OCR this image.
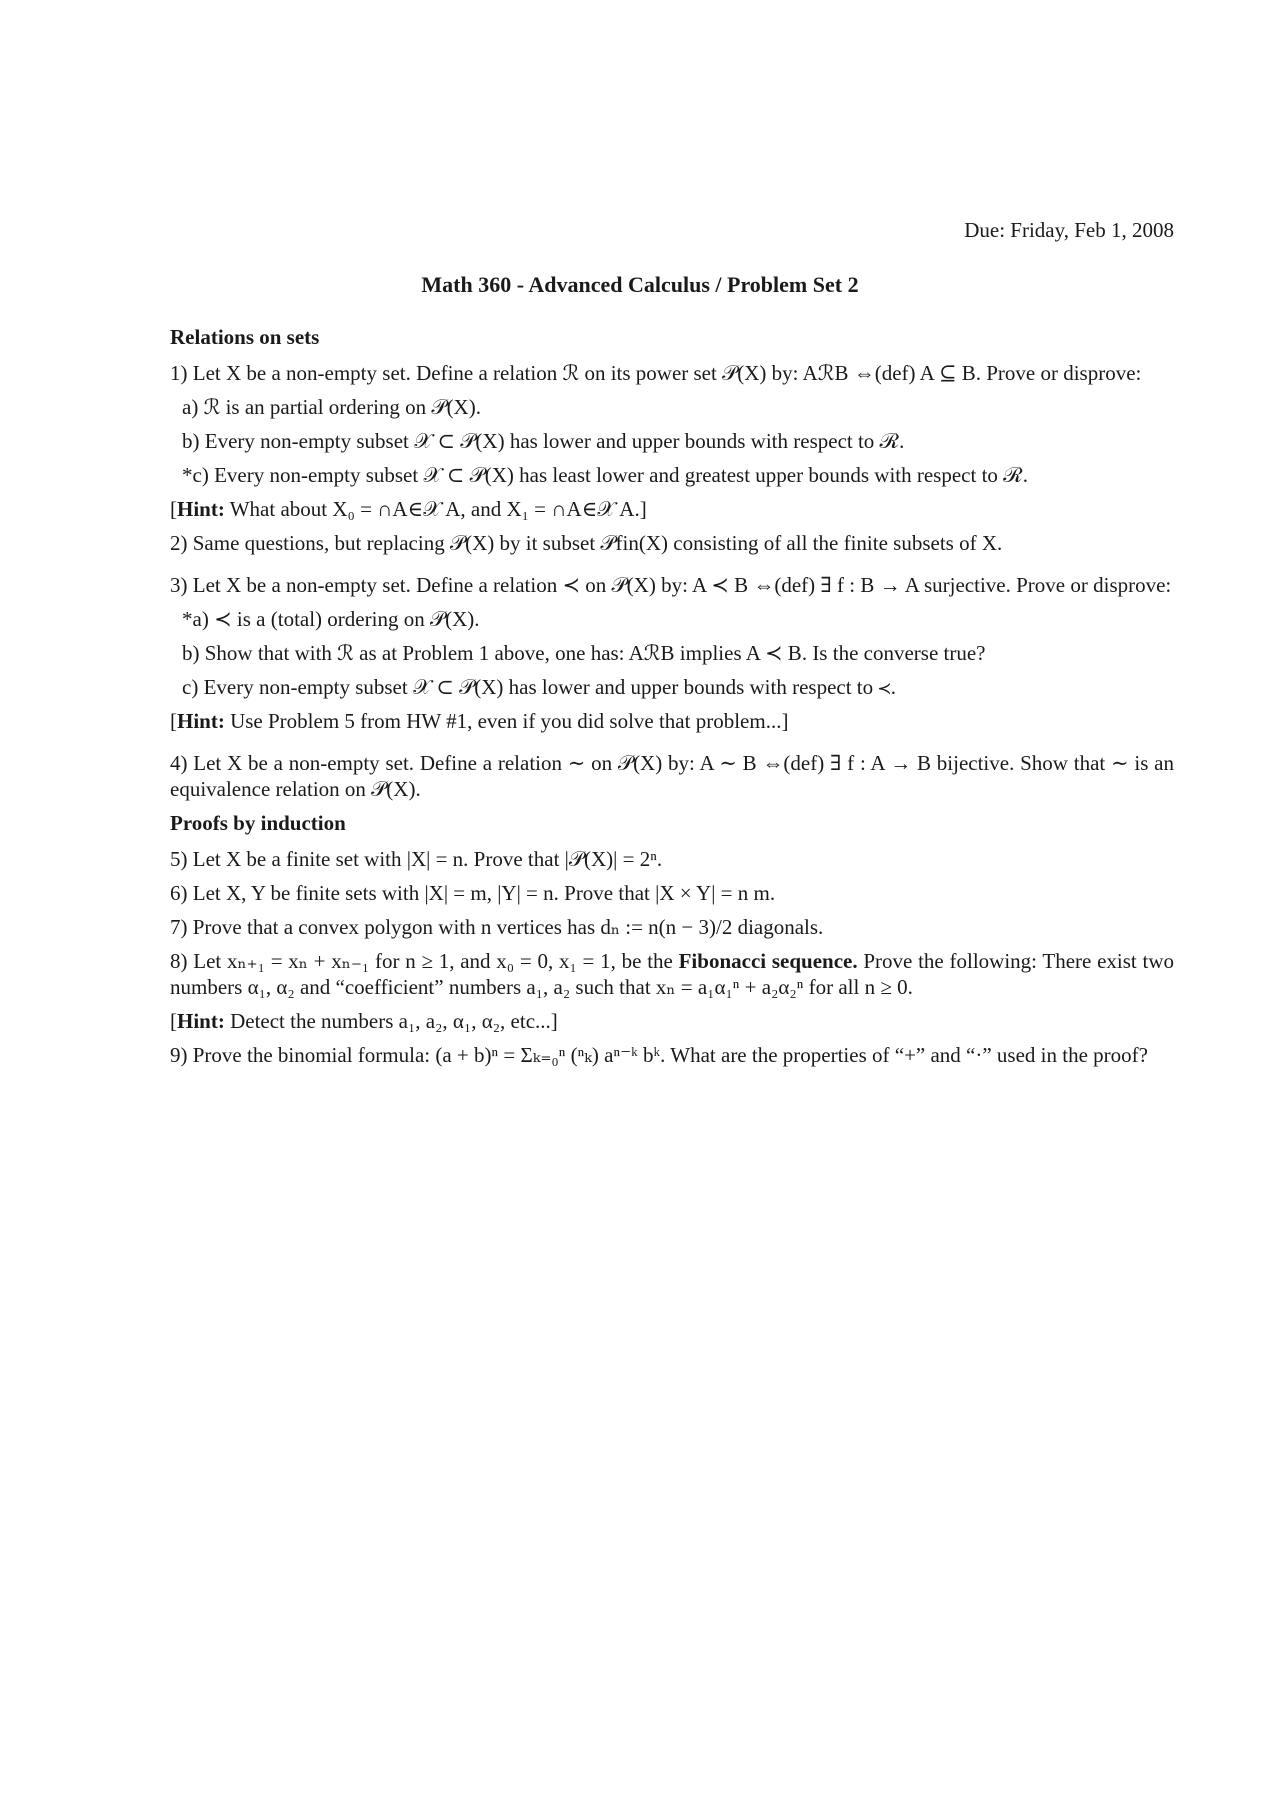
Due: Friday, Feb 1, 2008
Math 360 - Advanced Calculus / Problem Set 2
Relations on sets
1) Let X be a non-empty set. Define a relation ℛ on its power set 𝒫(X) by: AℛB ⇔(def) A ⊆ B. Prove or disprove:
a) ℛ is an partial ordering on 𝒫(X).
b) Every non-empty subset 𝒳 ⊂ 𝒫(X) has lower and upper bounds with respect to ℛ.
*c) Every non-empty subset 𝒳 ⊂ 𝒫(X) has least lower and greatest upper bounds with respect to ℛ.
[Hint: What about X₀ = ∩A∈𝒳 A, and X₁ = ∩A∈𝒳 A.]
2) Same questions, but replacing 𝒫(X) by it subset 𝒫fin(X) consisting of all the finite subsets of X.
3) Let X be a non-empty set. Define a relation ≺ on 𝒫(X) by: A ≺ B ⇔(def) ∃ f : B → A surjective. Prove or disprove:
*a) ≺ is a (total) ordering on 𝒫(X).
b) Show that with ℛ as at Problem 1 above, one has: AℛB implies A ≺ B. Is the converse true?
c) Every non-empty subset 𝒳 ⊂ 𝒫(X) has lower and upper bounds with respect to ≺.
[Hint: Use Problem 5 from HW #1, even if you did solve that problem...]
4) Let X be a non-empty set. Define a relation ∼ on 𝒫(X) by: A ∼ B ⇔(def) ∃ f : A → B bijective. Show that ∼ is an equivalence relation on 𝒫(X).
Proofs by induction
5) Let X be a finite set with |X| = n. Prove that |𝒫(X)| = 2ⁿ.
6) Let X, Y be finite sets with |X| = m, |Y| = n. Prove that |X × Y| = n m.
7) Prove that a convex polygon with n vertices has dₙ := n(n − 3)/2 diagonals.
8) Let xₙ₊₁ = xₙ + xₙ₋₁ for n ≥ 1, and x₀ = 0, x₁ = 1, be the Fibonacci sequence. Prove the following: There exist two numbers α₁, α₂ and “coefficient” numbers a₁, a₂ such that xₙ = a₁α₁ⁿ + a₂α₂ⁿ for all n ≥ 0.
[Hint: Detect the numbers a₁, a₂, α₁, α₂, etc...]
9) Prove the binomial formula: (a + b)ⁿ = Σₖ₌₀ⁿ (ⁿₖ) aⁿ⁻ᵏ bᵏ. What are the properties of “+” and “·” used in the proof?
